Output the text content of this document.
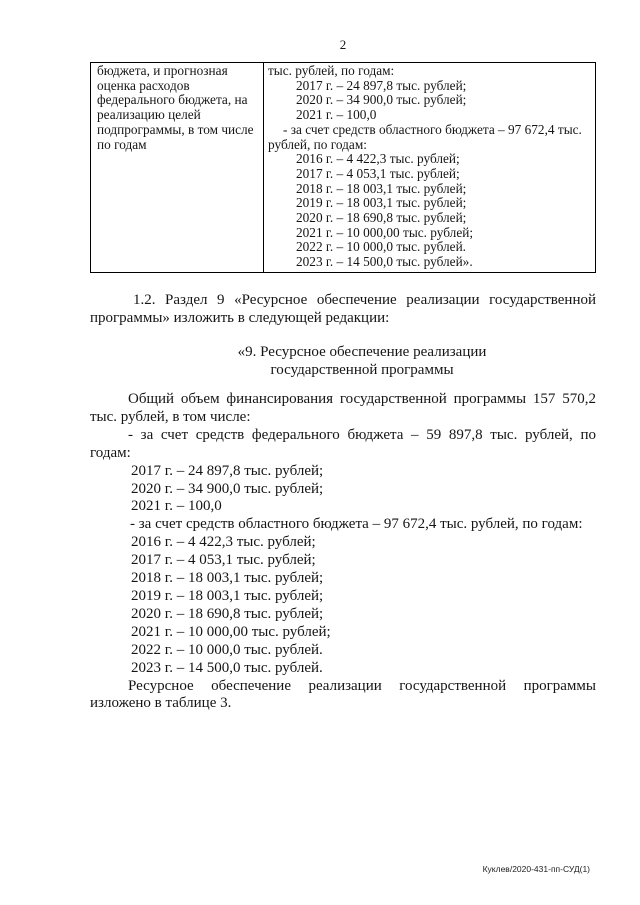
2
бюджета, и прогнозная
оценка расходов
федерального бюджета, на
реализацию целей
подпрограммы, в том числе
по годам
тыс. рублей, по годам:
2017 г. – 24 897,8 тыс. рублей;
2020 г. – 34 900,0 тыс. рублей;
2021 г. – 100,0
- за счет средств областного бюджета – 97 672,4 тыс.
рублей, по годам:
2016 г. – 4 422,3 тыс. рублей;
2017 г. – 4 053,1 тыс. рублей;
2018 г. – 18 003,1 тыс. рублей;
2019 г. – 18 003,1 тыс. рублей;
2020 г. – 18 690,8 тыс. рублей;
2021 г. – 10 000,00 тыс. рублей;
2022 г. – 10 000,0 тыс. рублей.
2023 г. – 14 500,0 тыс. рублей».
1.2. Раздел 9 «Ресурсное обеспечение реализации государственной
программы» изложить в следующей редакции:
«9. Ресурсное обеспечение реализации
государственной программы
Общий объем финансирования государственной программы 157 570,2
тыс. рублей, в том числе:
- за счет средств федерального бюджета – 59 897,8 тыс. рублей, по
годам:
2017 г. – 24 897,8 тыс. рублей;
2020 г. – 34 900,0 тыс. рублей;
2021 г. – 100,0
- за счет средств областного бюджета – 97 672,4 тыс. рублей, по годам:
2016 г. – 4 422,3 тыс. рублей;
2017 г. – 4 053,1 тыс. рублей;
2018 г. – 18 003,1 тыс. рублей;
2019 г. – 18 003,1 тыс. рублей;
2020 г. – 18 690,8 тыс. рублей;
2021 г. – 10 000,00 тыс. рублей;
2022 г. – 10 000,0 тыс. рублей.
2023 г. – 14 500,0 тыс. рублей.
Ресурсное обеспечение реализации государственной программы
изложено в таблице 3.
Куклев/2020-431-пп-СУД(1)
